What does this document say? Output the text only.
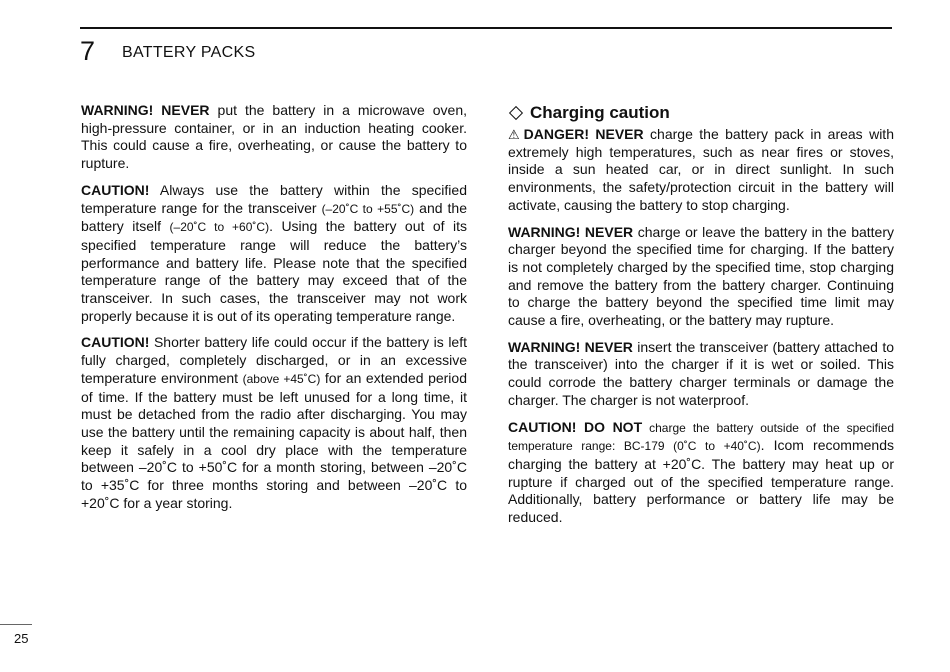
7 BATTERY PACKS

WARNING! NEVER put the battery in a microwave oven, high-pressure container, or in an induction heating cooker. This could cause a fire, overheating, or cause the battery to rupture.

CAUTION! Always use the battery within the specified temperature range for the transceiver (–20˚C to +55˚C) and the battery itself (–20˚C to +60˚C). Using the battery out of its specified temperature range will reduce the battery’s performance and battery life. Please note that the specified temperature range of the battery may exceed that of the transceiver. In such cases, the transceiver may not work properly because it is out of its operating temperature range.

CAUTION! Shorter battery life could occur if the battery is left fully charged, completely discharged, or in an excessive temperature environment (above +45˚C) for an extended period of time. If the battery must be left unused for a long time, it must be detached from the radio after discharging. You may use the battery until the remaining capacity is about half, then keep it safely in a cool dry place with the temperature between –20˚C to +50˚C for a month storing, between –20˚C to +35˚C for three months storing and between –20˚C to +20˚C for a year storing.

Charging caution

⚠ DANGER! NEVER charge the battery pack in areas with extremely high temperatures, such as near fires or stoves, inside a sun heated car, or in direct sunlight. In such environments, the safety/protection circuit in the battery will activate, causing the battery to stop charging.

WARNING! NEVER charge or leave the battery in the battery charger beyond the specified time for charging. If the battery is not completely charged by the specified time, stop charging and remove the battery from the battery charger. Continuing to charge the battery beyond the specified time limit may cause a fire, overheating, or the battery may rupture.

WARNING! NEVER insert the transceiver (battery attached to the transceiver) into the charger if it is wet or soiled. This could corrode the battery charger terminals or damage the charger. The charger is not waterproof.

CAUTION! DO NOT charge the battery outside of the specified temperature range: BC-179 (0˚C to +40˚C). Icom recommends charging the battery at +20˚C. The battery may heat up or rupture if charged out of the specified temperature range. Additionally, battery performance or battery life may be reduced.

25
